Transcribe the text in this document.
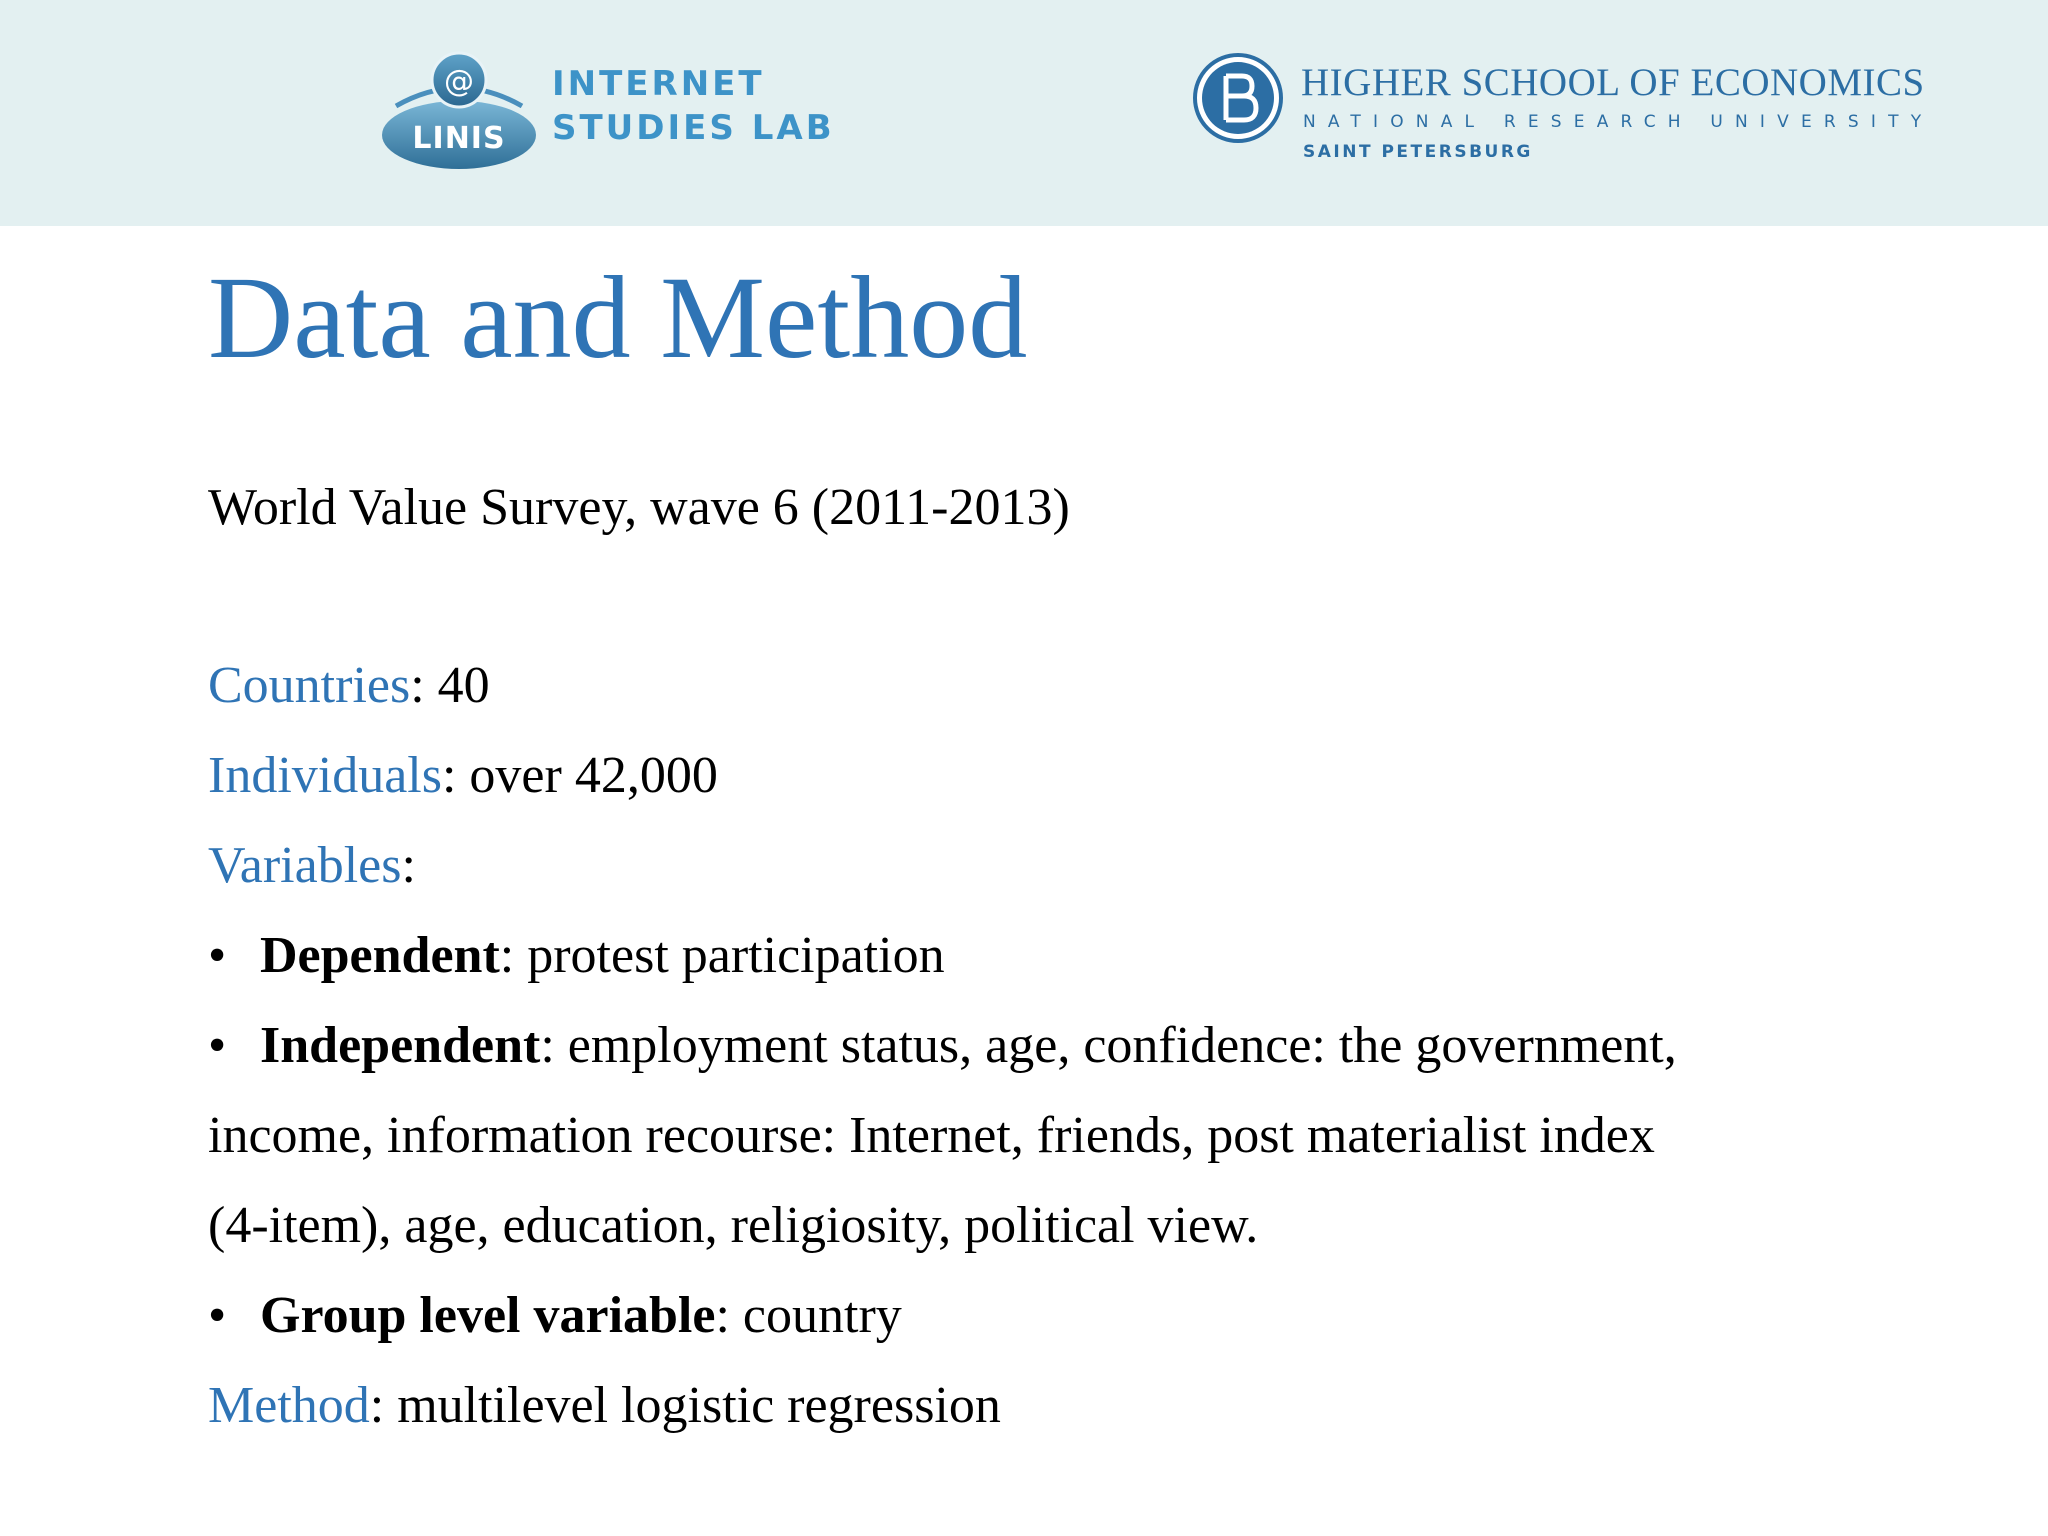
@
LINIS
INTERNET
STUDIES LAB
HIGHER SCHOOL OF ECONOMICS
NATIONAL RESEARCH UNIVERSITY
SAINT PETERSBURG
Data and Method
World Value Survey, wave 6 (2011-2013)
Countries: 40
Individuals: over 42,000
Variables:
• Dependent: protest participation
• Independent: employment status, age, confidence: the government,
income, information recourse: Internet, friends, post materialist index
(4-item), age, education, religiosity, political view.
• Group level variable: country
Method: multilevel logistic regression
